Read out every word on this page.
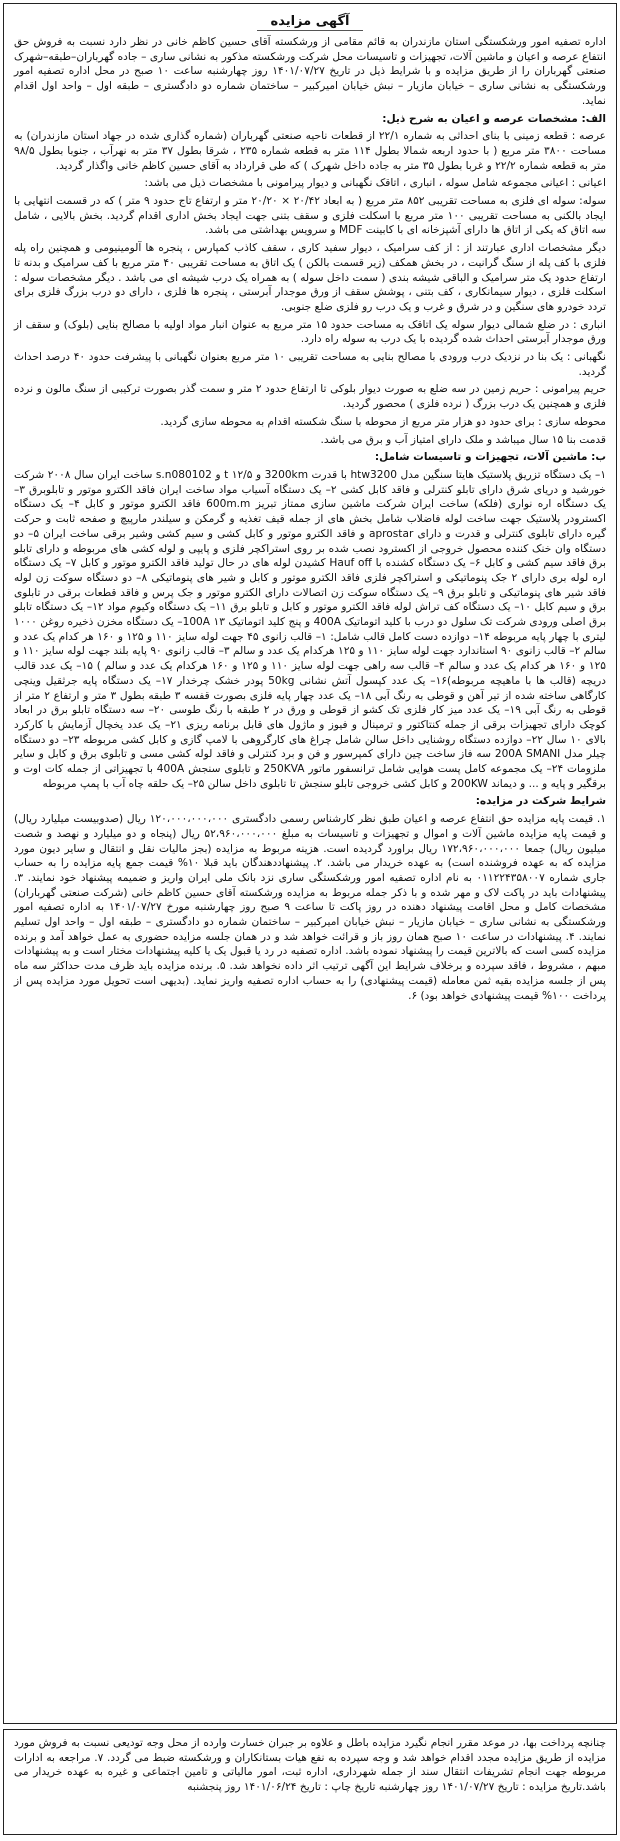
آگهی مزایده

اداره تصفیه امور ورشکستگی استان مازندران به قائم مقامی از ورشکسته آقای حسین کاظم خانی در نظر دارد نسبت به فروش حق انتفاع عرصه و اعیان و ماشین آلات، تجهیزات و تاسیسات محل شرکت ورشکسته مذکور به نشانی ساری – جاده گهرباران–طبقه–شهرک صنعتی گهرباران را از طریق مزایده و با شرایط ذیل در تاریخ ۱۴۰۱/۰۷/۲۷ روز چهارشنبه ساعت ۱۰ صبح در محل اداره تصفیه امور ورشکستگی به نشانی ساری – خیابان مازیار – نبش خیابان امیرکبیر – ساختمان شماره دو دادگستری – طبقه اول – واحد اول اقدام نماید.

الف: مشخصات عرصه و اعیان به شرح ذیل:

عرصه : قطعه زمینی با بنای احداثی به شماره ۲۲/۱ از قطعات ناحیه صنعتی گهرباران (شماره گذاری شده در جهاد استان مازندران) به مساحت ۳۸۰۰ متر مربع ( با حدود اربعه شمالا بطول ۱۱۴ متر به قطعه شماره ۲۳۵ ، شرقا بطول ۳۷ متر به نهرآب ، جنوبا بطول ۹۸/۵ متر به قطعه شماره ۲۲/۲ و غربا بطول ۳۵ متر به جاده داخل شهرک ) که طی قرارداد به آقای حسین کاظم خانی واگذار گردید.

اعیانی : اعیانی مجموعه شامل سوله ، انباری ، اتاقک نگهبانی و دیوار پیرامونی با مشخصات ذیل می باشد:

سوله: سوله ای فلزی به مساحت تقریبی ۸۵۲ متر مربع ( به ابعاد ۲۰/۴۲ × ۲۰/۲۰ متر و ارتفاع تاج حدود ۹ متر ) که در قسمت انتهایی با ایجاد بالکنی به مساحت تقریبی ۱۰۰ متر مربع با اسکلت فلزی و سقف بتنی جهت ایجاد بخش اداری اقدام گردید. بخش بالایی ، شامل سه اتاق که یکی از اتاق ها دارای آشپزخانه ای با کابینت MDF و سرویس بهداشتی می باشد.

دیگر مشخصات اداری عبارتند از : از کف سرامیک ، دیوار سفید کاری ، سقف کاذب کمپارس ، پنجره ها آلومینیومی و همچنین راه پله فلزی با کف پله از سنگ گرانیت ، در بخش همکف (زیر قسمت بالکن ) یک اتاق به مساحت تقریبی ۴۰ متر مربع با کف سرامیک و بدنه تا ارتفاع حدود یک متر سرامیک و الباقی شیشه بندی ( سمت داخل سوله ) به همراه یک درب شیشه ای می باشد . دیگر مشخصات سوله : اسکلت فلزی ، دیوار سیمانکاری ، کف بتنی ، پوشش سقف از ورق موجدار آبرستی ، پنجره ها فلزی ، دارای دو درب بزرگ فلزی برای تردد خودرو های سنگین و در شرق و غرب و یک درب رو فلزی ضلع جنوبی.

انباری : در ضلع شمالی دیوار سوله یک اتاقک به مساحت حدود ۱۵ متر مربع به عنوان انبار مواد اولیه با مصالح بنایی (بلوک) و سقف از ورق موجدار آبرستی احداث شده گردیده با یک درب به سوله راه دارد.

نگهبانی : یک بنا در نزدیک درب ورودی با مصالح بنایی به مساحت تقریبی ۱۰ متر مربع بعنوان نگهبانی با پیشرفت حدود ۴۰ درصد احداث گردید.

حریم پیرامونی : حریم زمین در سه ضلع به صورت دیوار بلوکی تا ارتفاع حدود ۲ متر و سمت گذر بصورت ترکیبی از سنگ مالون و نرده فلزی و همچنین یک درب بزرگ ( نرده فلزی ) محصور گردید.

محوطه سازی : برای حدود دو هزار متر مربع از محوطه با سنگ شکسته اقدام به محوطه سازی گردید.

قدمت بنا ۱۵ سال میباشد و ملک دارای امتیاز آب و برق می باشد.

ب: ماشین آلات، تجهیزات و تاسیسات شامل:

۱– یک دستگاه تزریق پلاستیک هایتا سنگین مدل htw3200 با قدرت 3200km و ۱۲/۵ t و s.n080102 ساخت ایران سال ۲۰۰۸ شرکت خورشید و دریای شرق دارای تابلو کنترلی و فاقد کابل کشی ۲– یک دستگاه آسیاب مواد ساخت ایران فاقد الکترو موتور و تابلوبرق ۳– یک دستگاه اره نواری (فلکه) ساخت ایران شرکت ماشین سازی ممتاز تبریز 600m.m فاقد الکترو موتور و کابل ۴– یک دستگاه اکسترودر پلاستیک جهت ساخت لوله فاضلاب شامل بخش های از جمله قیف تغذیه و گرمکن و سیلندر مارپیچ و صفحه ثابت و حرکت گیره دارای تابلوی کنترلی و قدرت و دارای aprostar و فاقد الکترو موتور و کابل کشی و سیم کشی وشیر برقی ساخت ایران ۵– دو دستگاه وان خنک کننده محصول خروجی از اکسترود نصب شده بر روی استراکچر فلزی و پایپی و لوله کشی های مربوطه و دارای تابلو برق فاقد سیم کشی و کابل ۶– یک دستگاه کشنده با Hauf off کشیدن لوله های در حال تولید فاقد الکترو موتور و کابل ۷– یک دستگاه اره لوله بری دارای ۲ جک پنوماتیکی و استراکچر فلزی فاقد الکترو موتور و کابل و شیر های پنوماتیکی ۸– دو دستگاه سوکت زن لوله فاقد شیر های پنوماتیکی و تابلو برق ۹– یک دستگاه سوکت زن اتصالات دارای الکترو موتور و جک پرس و فاقد قطعات برقی در تابلوی برق و سیم کابل ۱۰– یک دستگاه کف تراش لوله فاقد الکترو موتور و کابل و تابلو برق ۱۱– یک دستگاه وکیوم مواد ۱۲– یک دستگاه تابلو برق اصلی ورودی شرکت تک سلول دو درب با کلید اتوماتیک 400A و پنج کلید اتوماتیک 100A ۱۳– یک دستگاه مخزن ذخیره روغن ۱۰۰۰ لیتری با چهار پایه مربوطه ۱۴– دوازده دست کامل قالب شامل: ۱– قالب زانوی ۴۵ جهت لوله سایز ۱۱۰ و ۱۲۵ و ۱۶۰ هر کدام یک عدد و سالم ۲– قالب زانوی ۹۰ استاندارد جهت لوله سایز ۱۱۰ و ۱۲۵ هرکدام یک عدد و سالم ۳– قالب زانوی ۹۰ پایه بلند جهت لوله سایز ۱۱۰ و ۱۲۵ و ۱۶۰ هر کدام یک عدد و سالم ۴– قالب سه راهی جهت لوله سایز ۱۱۰ و ۱۲۵ و ۱۶۰ هرکدام یک عدد و سالم ) ۱۵– یک عدد قالب دریچه (قالب ها با ماهیچه مربوطه)۱۶– یک عدد کپسول آتش نشانی 50kg پودر خشک چرخدار ۱۷– یک دستگاه پایه جرثقیل وینچی کارگاهی ساخته شده از تیر آهن و قوطی به رنگ آبی ۱۸– یک عدد چهار پایه فلزی بصورت قفسه ۳ طبقه بطول ۳ متر و ارتفاع ۲ متر از قوطی به رنگ آبی ۱۹– یک عدد میز کار فلزی تک کشو از قوطی و ورق در ۲ طبقه با رنگ طوسی ۲۰– سه دستگاه تابلو برق در ابعاد کوچک دارای تجهیزات برقی از جمله کنتاکتور و ترمینال و فیوز و ماژول های قابل برنامه ریزی ۲۱– یک عدد یخچال آزمایش با کارکرد بالای ۱۰ سال ۲۲– دوازده دستگاه روشنایی داخل سالن شامل چراغ های کارگروهی با لامپ گازی و کابل کشی مربوطه ۲۳– دو دستگاه چیلر مدل 200A SMANI سه فاز ساخت چین دارای کمپرسور و فن و برد کنترلی و فاقد لوله کشی مسی و تابلوی برق و کابل و سایر ملزومات ۲۴– یک مجموعه کامل پست هوایی شامل ترانسفور ماتور 250KVA و تابلوی سنجش 400A با تجهیزاتی از جمله کات اوت و برقگیر و پایه و ... و دیماند 200KW و کابل کشی خروجی تابلو سنجش تا تابلوی داخل سالن ۲۵– یک حلقه چاه آب با پمپ مربوطه

شرایط شرکت در مزایده:

۱. قیمت پایه مزایده حق انتفاع عرصه و اعیان طبق نظر کارشناس رسمی دادگستری ۱۲۰،۰۰۰،۰۰۰،۰۰۰ ریال (صدوبیست میلیارد ریال) و قیمت پایه مزایده ماشین آلات و اموال و تجهیزات و تاسیسات به مبلغ ۵۲،۹۶۰،۰۰۰،۰۰۰ ریال (پنجاه و دو میلیارد و نهصد و شصت میلیون ریال) جمعا ۱۷۲،۹۶۰،۰۰۰،۰۰۰ ریال براورد گردیده است. هزینه مربوط به مزایده (بجز مالیات نقل و انتقال و سایر دیون مورد مزایده که به عهده فروشنده است) به عهده خریدار می باشد. ۲. پیشنهاددهندگان باید قبلا ۱۰% قیمت جمع پایه مزایده را به حساب جاری شماره ۰۱۱۲۲۴۳۵۸۰۰۷ به نام اداره تصفیه امور ورشکستگی ساری نزد بانک ملی ایران واریز و ضمیمه پیشنهاد خود نمایند. ۳. پیشنهادات باید در پاکت لاک و مهر شده و با ذکر جمله مربوط به مزایده ورشکسته آقای حسین کاظم خانی (شرکت صنعتی گهرباران) مشخصات کامل و محل اقامت پیشنهاد دهنده در روز پاکت تا ساعت ۹ صبح روز چهارشنبه مورخ ۱۴۰۱/۰۷/۲۷ به اداره تصفیه امور ورشکستگی به نشانی ساری – خیابان مازیار – نبش خیابان امیرکبیر – ساختمان شماره دو دادگستری – طبقه اول – واحد اول تسلیم نمایند. ۴. پیشنهادات در ساعت ۱۰ صبح همان روز باز و قرائت خواهد شد و در همان جلسه مزایده حضوری به عمل خواهد آمد و برنده مزایده کسی است که بالاترین قیمت را پیشنهاد نموده باشد. اداره تصفیه در رد یا قبول یک یا کلیه پیشنهادات مختار است و به پیشنهادات مبهم ، مشروط ، فاقد سپرده و برخلاف شرایط این آگهی ترتیب اثر داده نخواهد شد. ۵. برنده مزایده باید ظرف مدت حداکثر سه ماه پس از جلسه مزایده بقیه ثمن معامله (قیمت پیشنهادی) را به حساب اداره تصفیه واریز نماید. (بدیهی است تحویل مورد مزایده پس از پرداخت ۱۰۰% قیمت پیشنهادی خواهد بود) ۶.

چنانچه پرداخت بها، در موعد مقرر انجام نگیرد مزایده باطل و علاوه بر جبران خسارت وارده از محل وجه تودیعی نسبت به فروش مورد مزایده از طریق مزایده مجدد اقدام خواهد شد و وجه سپرده به نفع هیات بستانکاران و ورشکسته ضبط می گردد. ۷. مراجعه به ادارات مربوطه جهت انجام تشریفات انتقال سند از جمله شهرداری، اداره ثبت، امور مالیاتی و تامین اجتماعی و غیره به عهده خریدار می باشد.تاریخ مزایده : تاریخ ۱۴۰۱/۰۷/۲۷ روز چهارشنبه تاریخ چاپ : تاریخ ۱۴۰۱/۰۶/۲۴ روز پنجشنبه
